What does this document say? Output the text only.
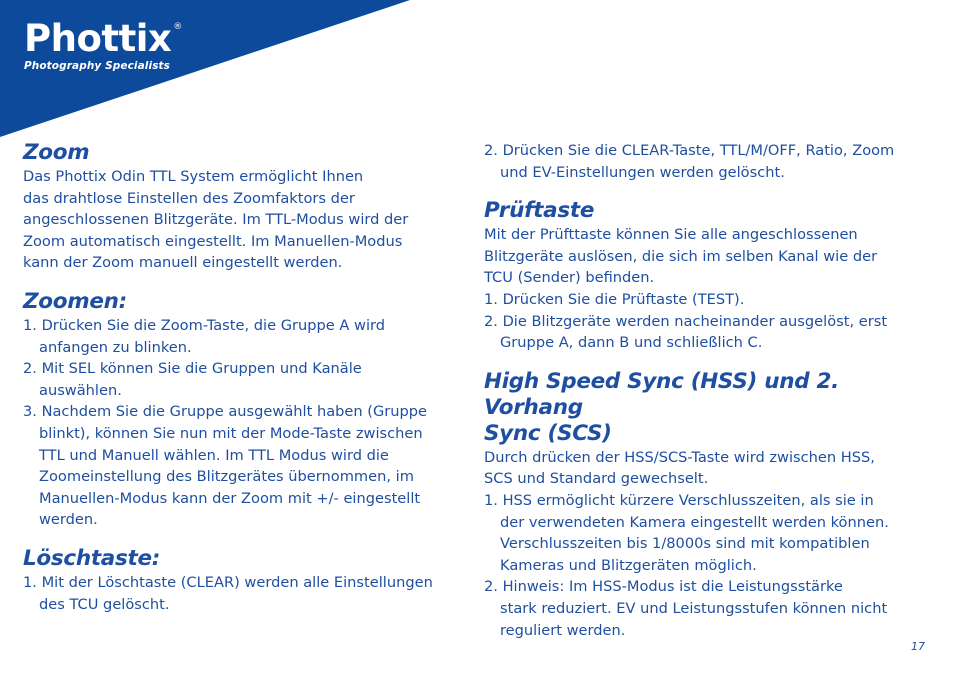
Phottix ®
Photography Specialists
Zoom

Das Phottix Odin TTL System ermöglicht Ihnen

das drahtlose Einstellen des Zoomfaktors der

angeschlossenen Blitzgeräte. Im TTL-Modus wird der

Zoom automatisch eingestellt. Im Manuellen-Modus

kann der Zoom manuell eingestellt werden.

Zoomen:

1. Drücken Sie die Zoom-Taste, die Gruppe A wird

anfangen zu blinken.

2. Mit SEL können Sie die Gruppen und Kanäle

auswählen.

3. Nachdem Sie die Gruppe ausgewählt haben (Gruppe

blinkt), können Sie nun mit der Mode-Taste zwischen

TTL und Manuell wählen. Im TTL Modus wird die

Zoomeinstellung des Blitzgerätes übernommen, im

Manuellen-Modus kann der Zoom mit +/- eingestellt

werden.

Löschtaste:

1. Mit der Löschtaste (CLEAR) werden alle Einstellungen

des TCU gelöscht.

2. Drücken Sie die CLEAR-Taste, TTL/M/OFF, Ratio, Zoom

und EV-Einstellungen werden gelöscht.

Prüftaste

Mit der Prüfttaste können Sie alle angeschlossenen

Blitzgeräte auslösen, die sich im selben Kanal wie der

TCU (Sender) befinden.

1. Drücken Sie die Prüftaste (TEST).

2. Die Blitzgeräte werden nacheinander ausgelöst, erst

Gruppe A, dann B und schließlich C.

High Speed Sync (HSS) und 2. Vorhang
Sync (SCS)

Durch drücken der HSS/SCS-Taste wird zwischen HSS,

SCS und Standard gewechselt.

1. HSS ermöglicht kürzere Verschlusszeiten, als sie in

der verwendeten Kamera eingestellt werden können.

Verschlusszeiten bis 1/8000s sind mit kompatiblen

Kameras und Blitzgeräten möglich.

2. Hinweis: Im HSS-Modus ist die Leistungsstärke

stark reduziert. EV und Leistungsstufen können nicht

reguliert werden.

17
